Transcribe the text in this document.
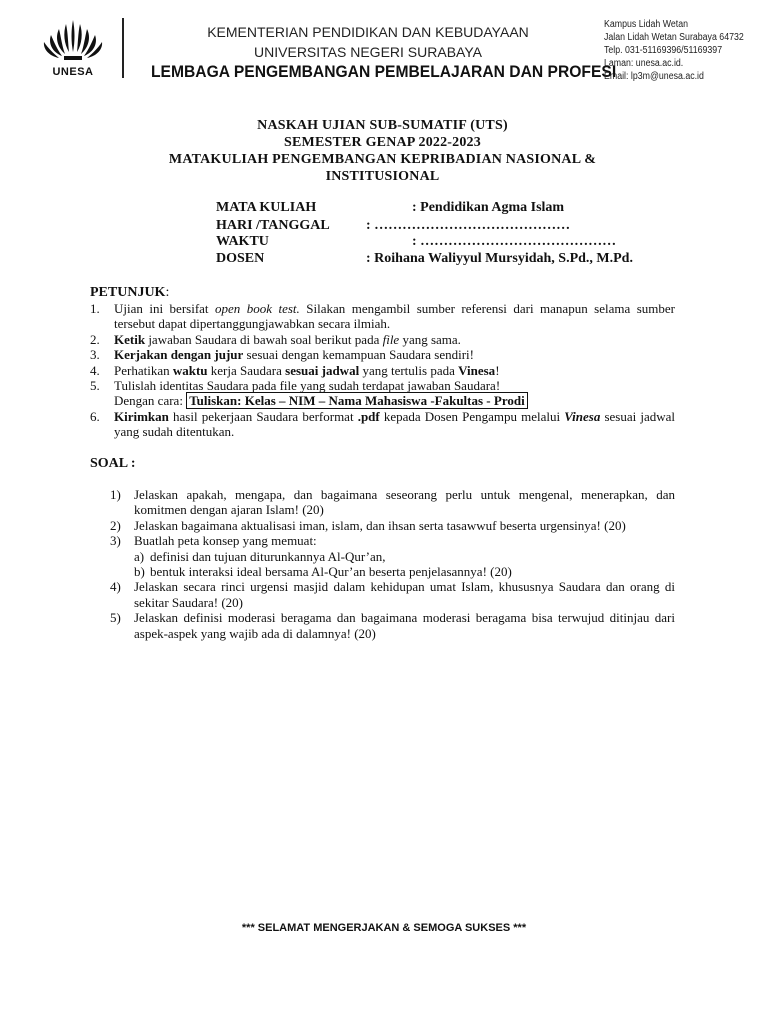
UNESA
KEMENTERIAN PENDIDIKAN DAN KEBUDAYAAN
UNIVERSITAS NEGERI SURABAYA
LEMBAGA PENGEMBANGAN PEMBELAJARAN DAN PROFESI
Kampus Lidah Wetan
Jalan Lidah Wetan Surabaya 64732
Telp. 031-51169396/51169397
Laman: unesa.ac.id.
Email: lp3m@unesa.ac.id
NASKAH UJIAN SUB-SUMATIF (UTS)
SEMESTER GENAP 2022-2023
MATAKULIAH PENGEMBANGAN KEPRIBADIAN NASIONAL &
INSTITUSIONAL
MATA KULIAH	: Pendidikan Agma Islam
HARI /TANGGAL	: ……………………………………
WAKTU	: ……………………………………
DOSEN	: Roihana Waliyyul Mursyidah, S.Pd., M.Pd.
PETUNJUK:
1. Ujian ini bersifat open book test. Silakan mengambil sumber referensi dari manapun selama sumber tersebut dapat dipertanggungjawabkan secara ilmiah.
2. Ketik jawaban Saudara di bawah soal berikut pada file yang sama.
3. Kerjakan dengan jujur sesuai dengan kemampuan Saudara sendiri!
4. Perhatikan waktu kerja Saudara sesuai jadwal yang tertulis pada Vinesa!
5. Tulislah identitas Saudara pada file yang sudah terdapat jawaban Saudara!
Dengan cara: Tuliskan: Kelas – NIM – Nama Mahasiswa -Fakultas - Prodi
6. Kirimkan hasil pekerjaan Saudara berformat .pdf kepada Dosen Pengampu melalui Vinesa sesuai jadwal yang sudah ditentukan.
SOAL :
1) Jelaskan apakah, mengapa, dan bagaimana seseorang perlu untuk mengenal, menerapkan, dan komitmen dengan ajaran Islam! (20)
2) Jelaskan bagaimana aktualisasi iman, islam, dan ihsan serta tasawwuf beserta urgensinya! (20)
3) Buatlah peta konsep yang memuat:
a) definisi dan tujuan diturunkannya Al-Qur’an,
b) bentuk interaksi ideal bersama Al-Qur’an beserta penjelasannya! (20)
4) Jelaskan secara rinci urgensi masjid dalam kehidupan umat Islam, khususnya Saudara dan orang di sekitar Saudara! (20)
5) Jelaskan definisi moderasi beragama dan bagaimana moderasi beragama bisa terwujud ditinjau dari aspek-aspek yang wajib ada di dalamnya! (20)
*** SELAMAT MENGERJAKAN & SEMOGA SUKSES ***
